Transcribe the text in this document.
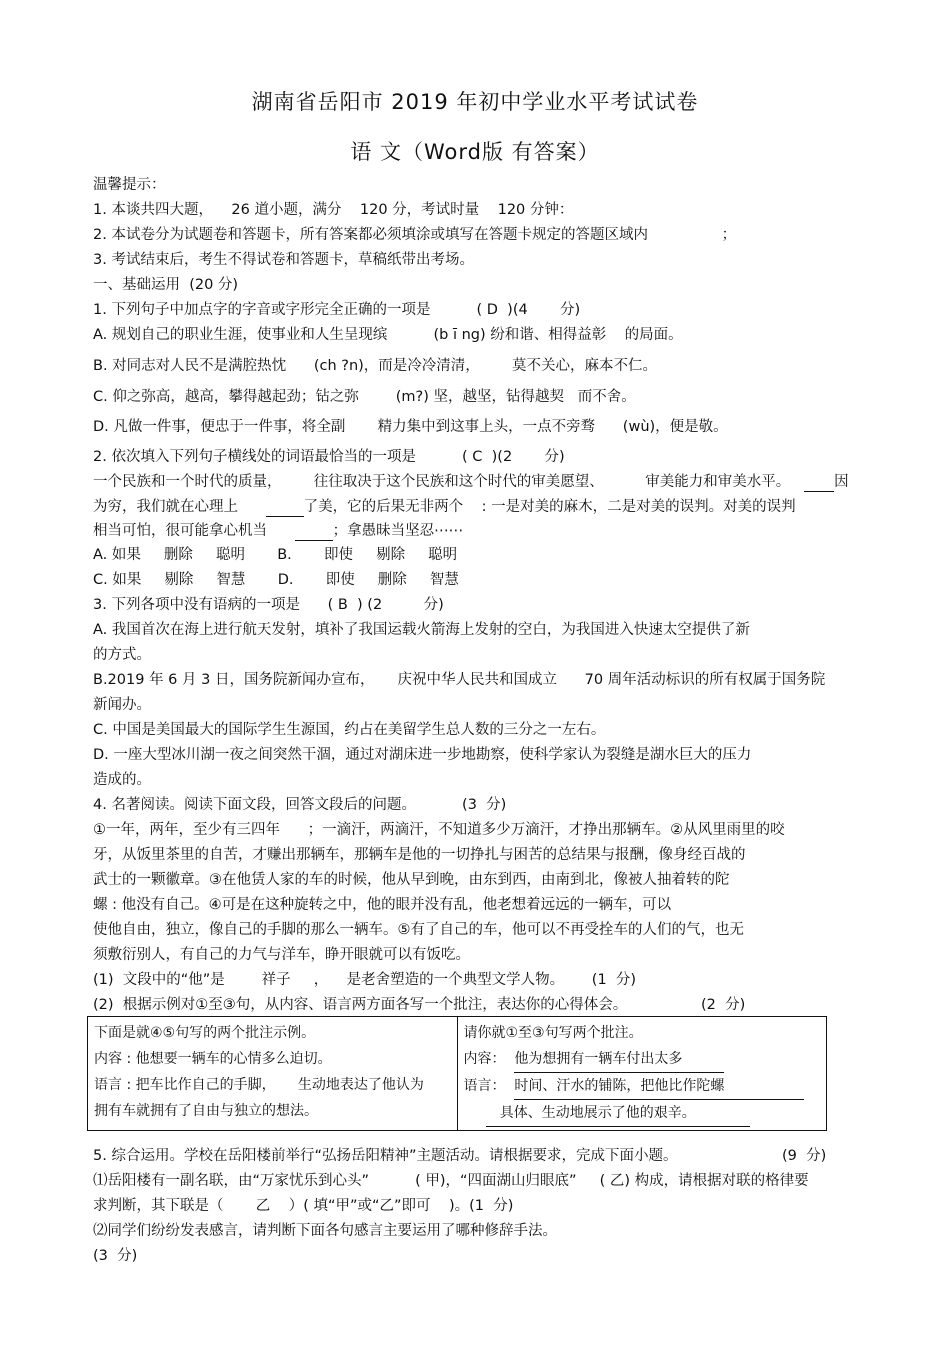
湖南省岳阳市 2019 年初中学业水平考试试卷
语 文（Word版 有答案）
温馨提示：
1. 本谈共四大题，    26 道小题，满分    120 分，考试时量    120 分钟：
2. 本试卷分为试题卷和答题卡，所有答案都必须填涂或填写在答题卡规定的答题区域内                ；
3. 考试结束后，考生不得试卷和答题卡，草稿纸带出考场。
一、基础运用  (20 分)
1. 下列句子中加点字的字音或字形完全正确的一项是          ( D  )(4       分)
A. 规划自己的职业生涯，使事业和人生呈现缤          (b ī ng) 纷和谐、相得益彰    的局面。
B. 对同志对人民不是满腔热忱      (ch ?n)，而是冷冷清清，       莫不关心，麻本不仁。
C. 仰之弥高，越高，攀得越起劲；钻之弥        (m?) 坚，越坚，钻得越契   而不舍。
D. 凡做一件事，便忠于一件事，将全副       精力集中到这事上头，一点不旁骛      (wù)，便是敬。
2. 依次填入下列句子横线处的词语最恰当的一项是          ( C  )(2       分)
一个民族和一个时代的质量，       往往取决于这个民族和这个时代的审美愿望、         审美能力和审美水平。	因
为穷，我们就在心理上	了美，它的后果无非两个    : 一是对美的麻木，二是对美的误判。对美的误判
相当可怕，很可能拿心机当	；拿愚昧当坚忍⋯⋯
A. 如果     删除     聪明       B.       即使     剔除     聪明
C. 如果     剔除     智慧       D.       即使     删除     智慧
3. 下列各项中没有语病的一项是      ( B  ) (2         分)
A. 我国首次在海上进行航天发射，填补了我国运载火箭海上发射的空白，为我国进入快速太空提供了新
的方式。
B.2019 年 6 月 3 日，国务院新闻办宣布，     庆祝中华人民共和国成立      70 周年活动标识的所有权属于国务院
新闻办。
C. 中国是美国最大的国际学生生源国，约占在美留学生总人数的三分之一左右。
D. 一座大型冰川湖一夜之间突然干涸，通过对湖床进一步地勘察，使科学家认为裂缝是湖水巨大的压力
造成的。
4. 名著阅读。阅读下面文段，回答文段后的问题。          (3  分)
①一年，两年，至少有三四年      ；一滴汗，两滴汗，不知道多少万滴汗，才挣出那辆车。②从风里雨里的咬
牙，从饭里茶里的自苦，才赚出那辆车，那辆车是他的一切挣扎与困苦的总结果与报酬，像身经百战的
武士的一颗徽章。③在他赁人家的车的时候，他从早到晚，由东到西，由南到北，像被人抽着转的陀
螺 : 他没有自己。④可是在这种旋转之中，他的眼并没有乱，他老想着远远的一辆车，可以
使他自由，独立，像自己的手脚的那么一辆车。⑤有了自己的车，他可以不再受拴车的人们的气，也无
须敷衍别人，有自己的力气与洋车，睁开眼就可以有饭吃。
(1)  文段中的“他”是        祥子     ，    是老舍塑造的一个典型文学人物。      (1  分)
(2)  根据示例对①至③句，从内容、语言两方面各写一个批注，表达你的心得体会。                (2  分)
下面是就④⑤句写的两个批注示例。
内容 : 他想要一辆车的心情多么迫切。
语言 : 把车比作自己的手脚，     生动地表达了他认为
拥有车就拥有了自由与独立的想法。

请你就①至③句写两个批注。
内容： 他为想拥有一辆车付出太多
语言： 时间、汗水的铺陈，把他比作陀螺
具体、生动地展示了他的艰辛。
5. 综合运用。学校在岳阳楼前举行“弘扬岳阳精神”主题活动。请根据要求，完成下面小题。	(9  分)
⑴岳阳楼有一副名联，由“万家忧乐到心头”          ( 甲)，“四面湖山归眼底”     ( 乙) 构成，请根据对联的格律要
求判断，其下联是（       乙    ）( 填“甲”或“乙”即可    )。(1  分)
⑵同学们纷纷发表感言，请判断下面各句感言主要运用了哪种修辞手法。
(3  分)
